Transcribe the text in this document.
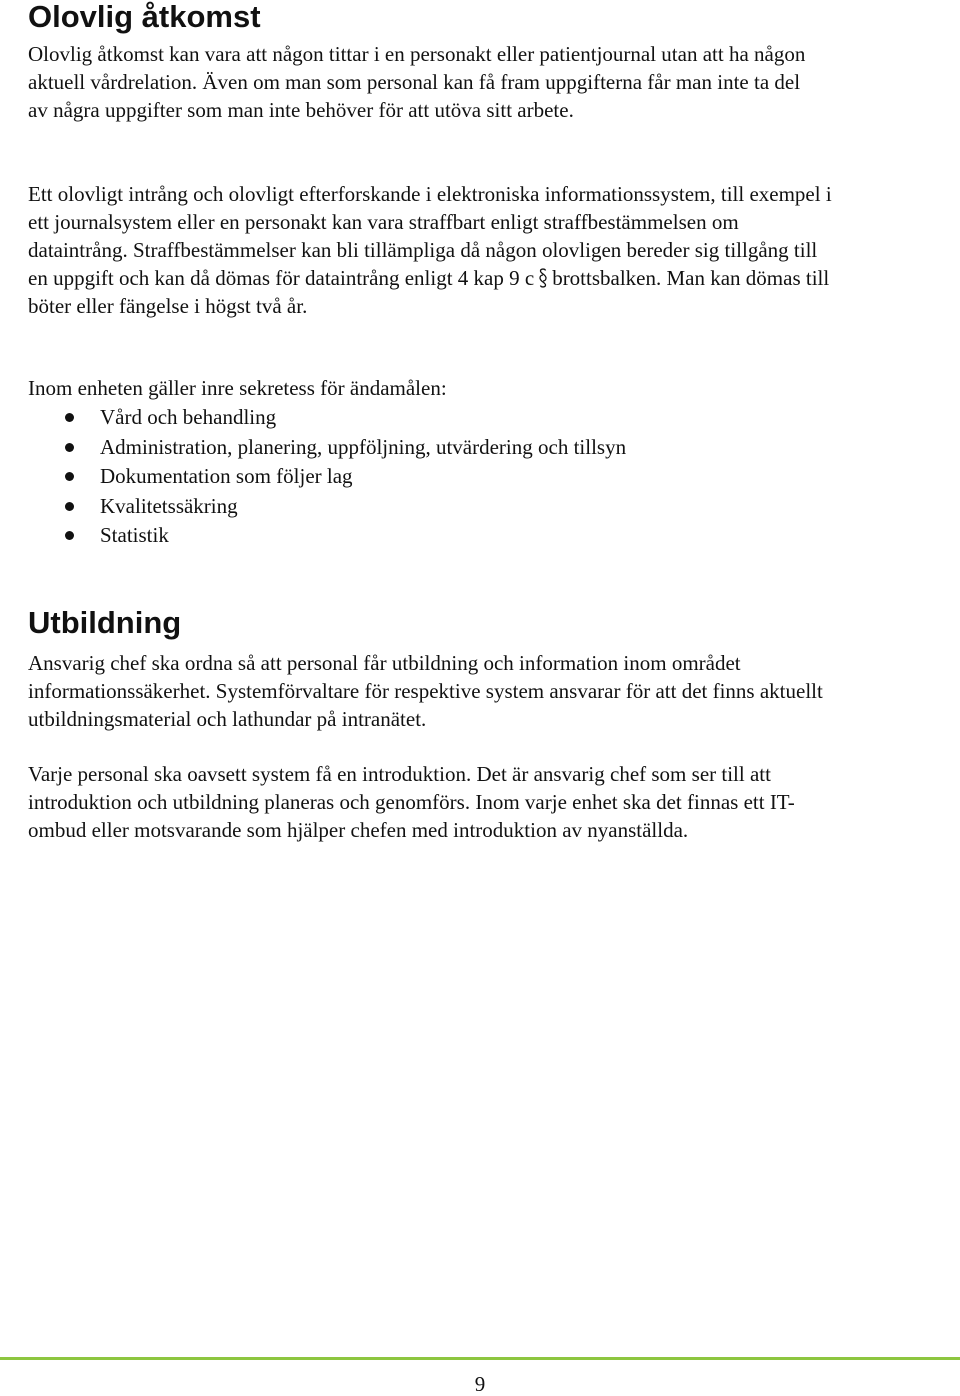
Olovlig åtkomst

Olovlig åtkomst kan vara att någon tittar i en personakt eller patientjournal utan att ha någon aktuell vårdrelation. Även om man som personal kan få fram uppgifterna får man inte ta del av några uppgifter som man inte behöver för att utöva sitt arbete.

Ett olovligt intrång och olovligt efterforskande i elektroniska informationssystem, till exempel i ett journalsystem eller en personakt kan vara straffbart enligt straffbestämmelsen om dataintrång. Straffbestämmelser kan bli tillämpliga då någon olovligen bereder sig tillgång till en uppgift och kan då dömas för dataintrång enligt 4 kap 9 c brottsbalken. Man kan dömas till böter eller fängelse i högst två år.

Inom enheten gäller inre sekretess för ändamålen:

Vård och behandling
Administration, planering, uppföljning, utvärdering och tillsyn
Dokumentation som följer lag
Kvalitetssäkring
Statistik
Utbildning

Ansvarig chef ska ordna så att personal får utbildning och information inom området informationssäkerhet. Systemförvaltare för respektive system ansvarar för att det finns aktuellt utbildningsmaterial och lathundar på intranätet.

Varje personal ska oavsett system få en introduktion. Det är ansvarig chef som ser till att introduktion och utbildning planeras och genomförs. Inom varje enhet ska det finnas ett IT-ombud eller motsvarande som hjälper chefen med introduktion av nyanställda.

9
